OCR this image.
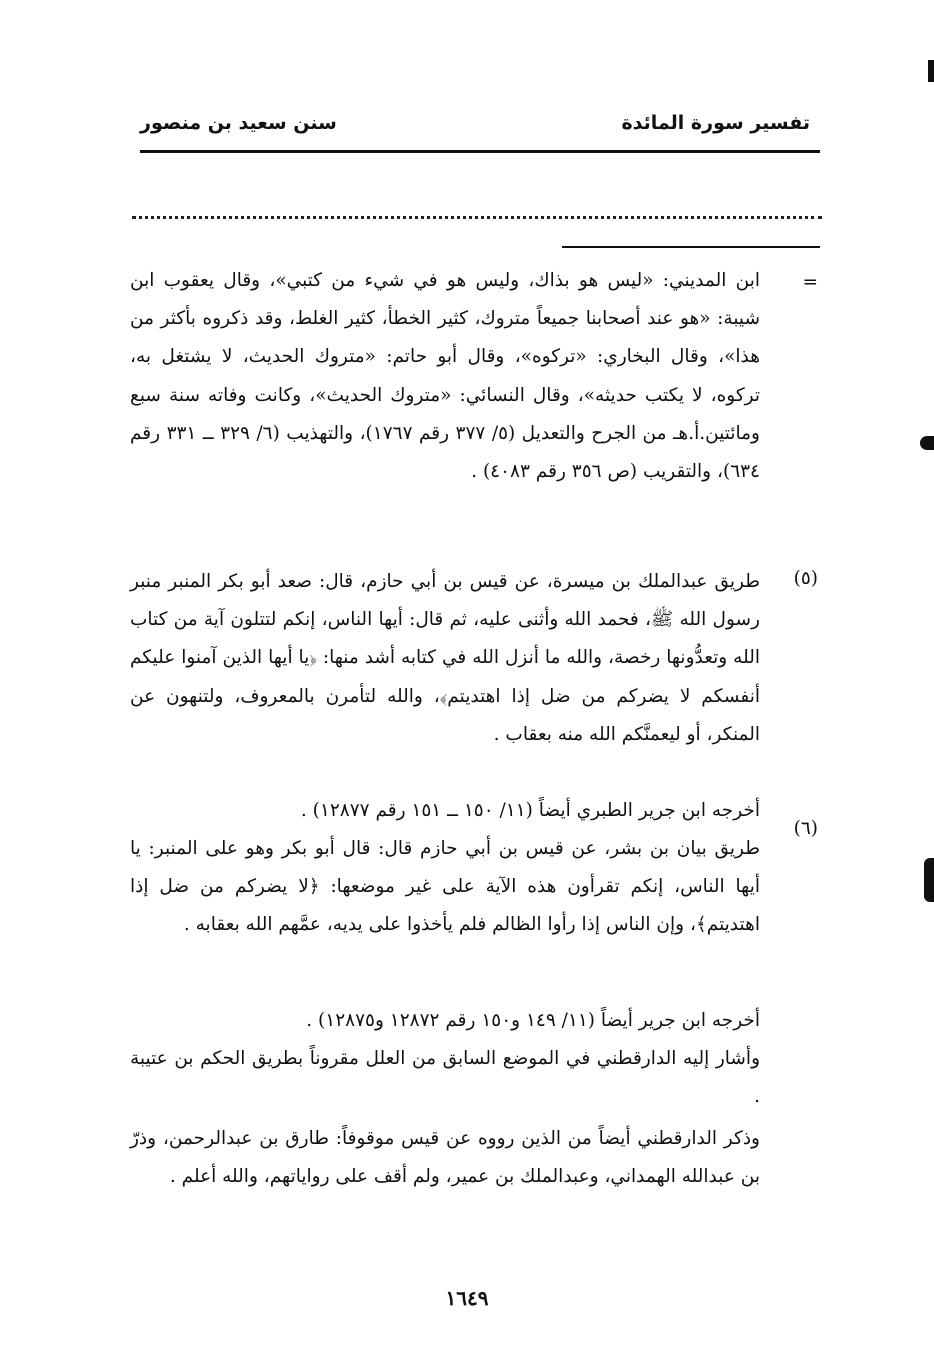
تفسير سورة المائدة
سنن سعيد بن منصور
=
(٥)
(٦)

ابن المديني: «ليس هو بذاك، وليس هو في شيء من كتبي»، وقال يعقوب ابن شيبة: «هو عند أصحابنا جميعاً متروك، كثير الخطأ، كثير الغلط، وقد ذكروه بأكثر من هذا»، وقال البخاري: «تركوه»، وقال أبو حاتم: «متروك الحديث، لا يشتغل به، تركوه، لا يكتب حديثه»، وقال النسائي: «متروك الحديث»، وكانت وفاته سنة سبع ومائتين.أ.هـ من الجرح والتعديل (٥/ ٣٧٧ رقم ١٧٦٧)، والتهذيب (٦/ ٣٢٩ ــ ٣٣١ رقم ٦٣٤)، والتقريب (ص ٣٥٦ رقم ٤٠٨٣) .

طريق عبدالملك بن ميسرة، عن قيس بن أبي حازم، قال: صعد أبو بكر المنبر منبر رسول الله ﷺ، فحمد الله وأثنى عليه، ثم قال: أيها الناس، إنكم لتتلون آية من كتاب الله وتعدُّونها رخصة، والله ما أنزل الله في كتابه أشد منها: ﴿يا أيها الذين آمنوا عليكم أنفسكم لا يضركم من ضل إذا اهتديتم﴾، والله لتأمرن بالمعروف، ولتنهون عن المنكر، أو ليعمنَّكم الله منه بعقاب .

أخرجه ابن جرير الطبري أيضاً (١١/ ١٥٠ ــ ١٥١ رقم ١٢٨٧٧) .

طريق بيان بن بشر، عن قيس بن أبي حازم قال: قال أبو بكر وهو على المنبر: يا أيها الناس، إنكم تقرأون هذه الآية على غير موضعها: ﴿لا يضركم من ضل إذا اهتديتم﴾، وإن الناس إذا رأوا الظالم فلم يأخذوا على يديه، عمَّهم الله بعقابه .

أخرجه ابن جرير أيضاً (١١/ ١٤٩ و١٥٠ رقم ١٢٨٧٢ و١٢٨٧٥) .

وأشار إليه الدارقطني في الموضع السابق من العلل مقروناً بطريق الحكم بن عتيبة .

وذكر الدارقطني أيضاً من الذين رووه عن قيس موقوفاً: طارق بن عبدالرحمن، وذرّ بن عبدالله الهمداني، وعبدالملك بن عمير، ولم أقف على رواياتهم، والله أعلم .

١٦٤٩
